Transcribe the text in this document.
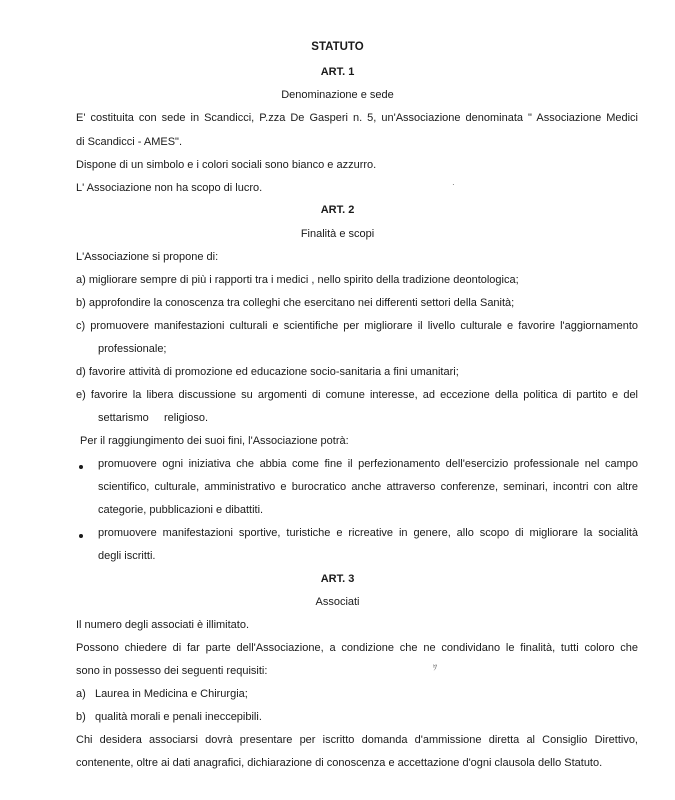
STATUTO
ART. 1
Denominazione e sede
E' costituita con sede in Scandicci, P.zza De Gasperi n. 5, un'Associazione denominata " Associazione Medici
di Scandicci - AMES".
Dispone di un simbolo e i colori sociali sono bianco e azzurro.
L' Associazione non ha scopo di lucro.
ART. 2
Finalità e scopi
L'Associazione si propone di:
a) migliorare sempre di più i rapporti tra i medici , nello spirito della tradizione deontologica;
b) approfondire la conoscenza tra colleghi che esercitano nei differenti settori della Sanità;
c) promuovere manifestazioni culturali e scientifiche per migliorare il livello culturale e favorire l'aggiornamento
professionale;
d) favorire attività di promozione ed educazione socio-sanitaria a fini umanitari;
e) favorire la libera discussione su argomenti di comune interesse, ad eccezione della politica di partito e del
settarismo     religioso.
Per il raggiungimento dei suoi fini, l'Associazione potrà:
promuovere ogni iniziativa che abbia come fine il perfezionamento dell'esercizio professionale nel campo
scientifico, culturale, amministrativo e burocratico anche attraverso conferenze, seminari, incontri con altre
categorie, pubblicazioni e dibattiti.
promuovere manifestazioni sportive, turistiche e ricreative in genere, allo scopo di migliorare la socialità
degli iscritti.
ART. 3
Associati
Il numero degli associati è illimitato.
Possono chiedere di far parte dell'Associazione, a condizione che ne condividano le finalità, tutti coloro che
sono in possesso dei seguenti requisiti:
a)   Laurea in Medicina e Chirurgia;
b)   qualità morali e penali ineccepibili.
Chi desidera associarsi dovrà presentare per iscritto domanda d'ammissione diretta al Consiglio Direttivo,
contenente, oltre ai dati anagrafici, dichiarazione di conoscenza e accettazione d'ogni clausola dello Statuto.
ﾜ
·
